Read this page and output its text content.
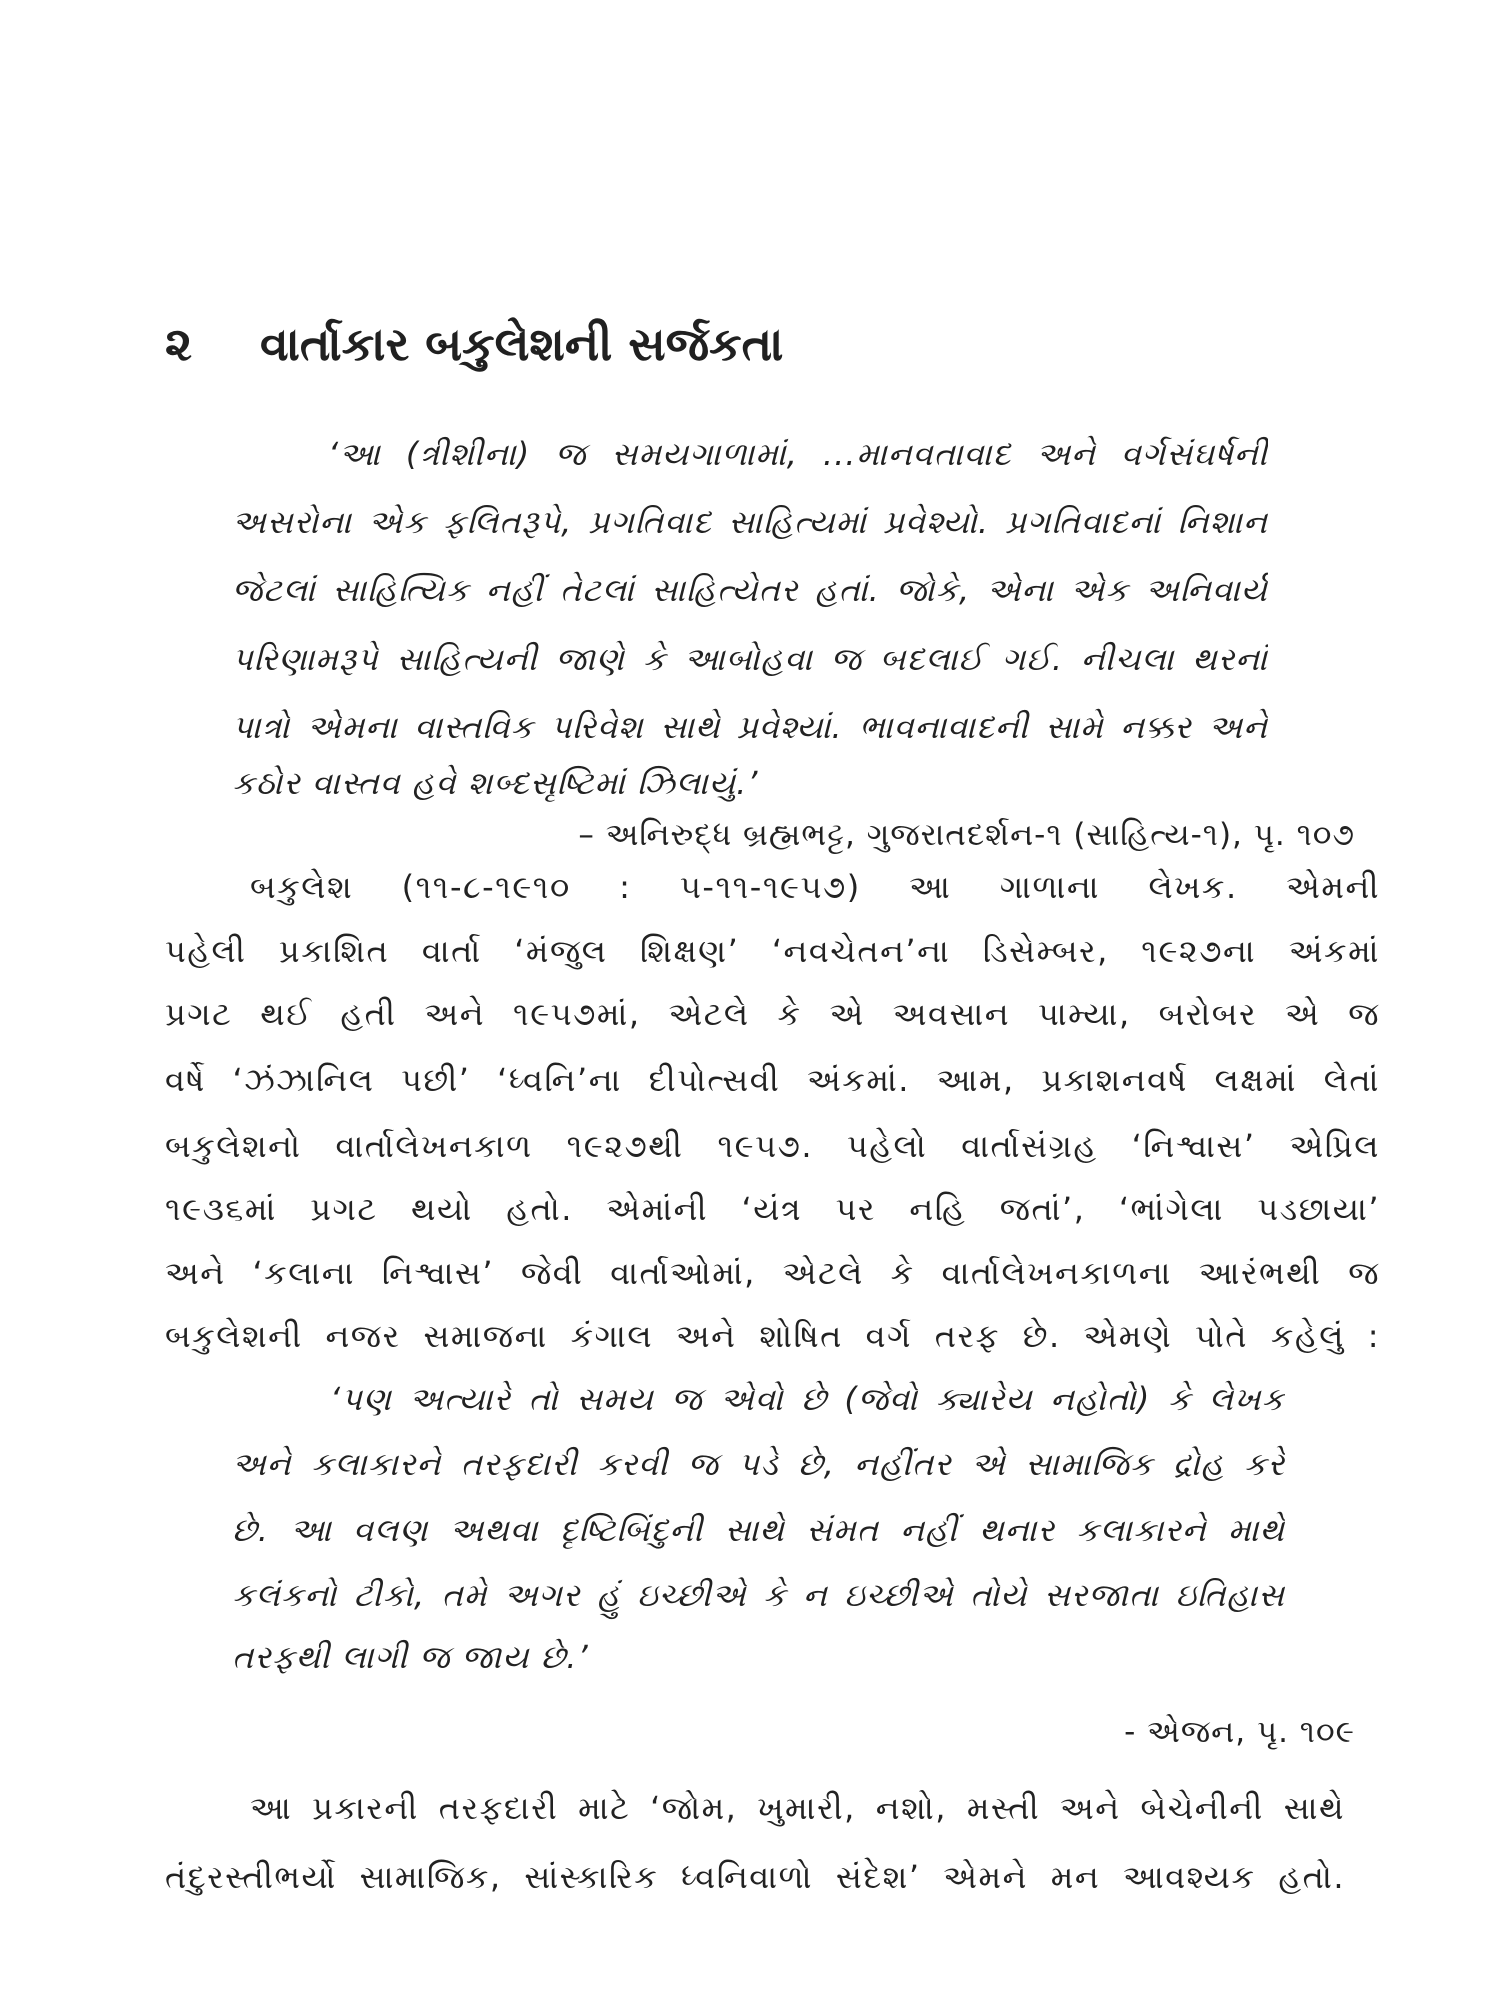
૨	વાર્તાકાર બકુલેશની સર્જકતા
‘આ (ત્રીશીના) જ સમયગાળામાં, ...માનવતાવાદ અને વર્ગસંઘર્ષની
અસરોના એક ફલિતરૂપે, પ્રગતિવાદ સાહિત્યમાં પ્રવેશ્યો. પ્રગતિવાદનાં નિશાન
જેટલાં સાહિત્યિક નહીં તેટલાં સાહિત્યેતર હતાં. જોકે, એના એક અનિવાર્ય
પરિણામરૂપે સાહિત્યની જાણે કે આબોહવા જ બદલાઈ ગઈ. નીચલા થરનાં
પાત્રો એમના વાસ્તવિક પરિવેશ સાથે પ્રવેશ્યાં. ભાવનાવાદની સામે નક્કર અને
કઠોર વાસ્તવ હવે શબ્દસૃષ્ટિમાં ઝિલાયું.’
– અનિરુદ્ધ બ્રહ્મભટ્ટ, ગુજરાતદર્શન-૧ (સાહિત્ય-૧), પૃ. ૧૦૭
બકુલેશ (૧૧-૮-૧૯૧૦ : ૫-૧૧-૧૯૫૭) આ ગાળાના લેખક. એમની
પહેલી પ્રકાશિત વાર્તા ‘મંજુલ શિક્ષણ’ ‘નવચેતન’ના ડિસેમ્બર, ૧૯૨૭ના અંકમાં
પ્રગટ થઈ હતી અને ૧૯૫૭માં, એટલે કે એ અવસાન પામ્યા, બરોબર એ જ
વર્ષે ‘ઝંઝાનિલ પછી’ ‘ધ્વનિ’ના દીપોત્સવી અંકમાં. આમ, પ્રકાશનવર્ષ લક્ષમાં લેતાં
બકુલેશનો વાર્તાલેખનકાળ ૧૯૨૭થી ૧૯૫૭. પહેલો વાર્તાસંગ્રહ ‘નિશ્વાસ’ એપ્રિલ
૧૯૩૬માં પ્રગટ થયો હતો. એમાંની ‘યંત્ર પર નહિ જતાં’, ‘ભાંગેલા પડછાયા’
અને ‘કલાના નિશ્વાસ’ જેવી વાર્તાઓમાં, એટલે કે વાર્તાલેખનકાળના આરંભથી જ
બકુલેશની નજર સમાજના કંગાલ અને શોષિત વર્ગ તરફ છે. એમણે પોતે કહેલું :
‘પણ અત્યારે તો સમય જ એવો છે (જેવો ક્યારેય નહોતો) કે લેખક
અને કલાકારને તરફદારી કરવી જ પડે છે, નહીંતર એ સામાજિક દ્રોહ કરે
છે. આ વલણ અથવા દૃષ્ટિબિંદુની સાથે સંમત નહીં થનાર કલાકારને માથે
કલંકનો ટીકો, તમે અગર હું ઇચ્છીએ કે ન ઇચ્છીએ તોયે સરજાતા ઇતિહાસ
તરફથી લાગી જ જાય છે.’
- એજન, પૃ. ૧૦૯
આ પ્રકારની તરફદારી માટે ‘જોમ, ખુમારી, નશો, મસ્તી અને બેચેનીની સાથે
તંદુરસ્તીભર્યો સામાજિક, સાંસ્કારિક ધ્વનિવાળો સંદેશ’ એમને મન આવશ્યક હતો.
